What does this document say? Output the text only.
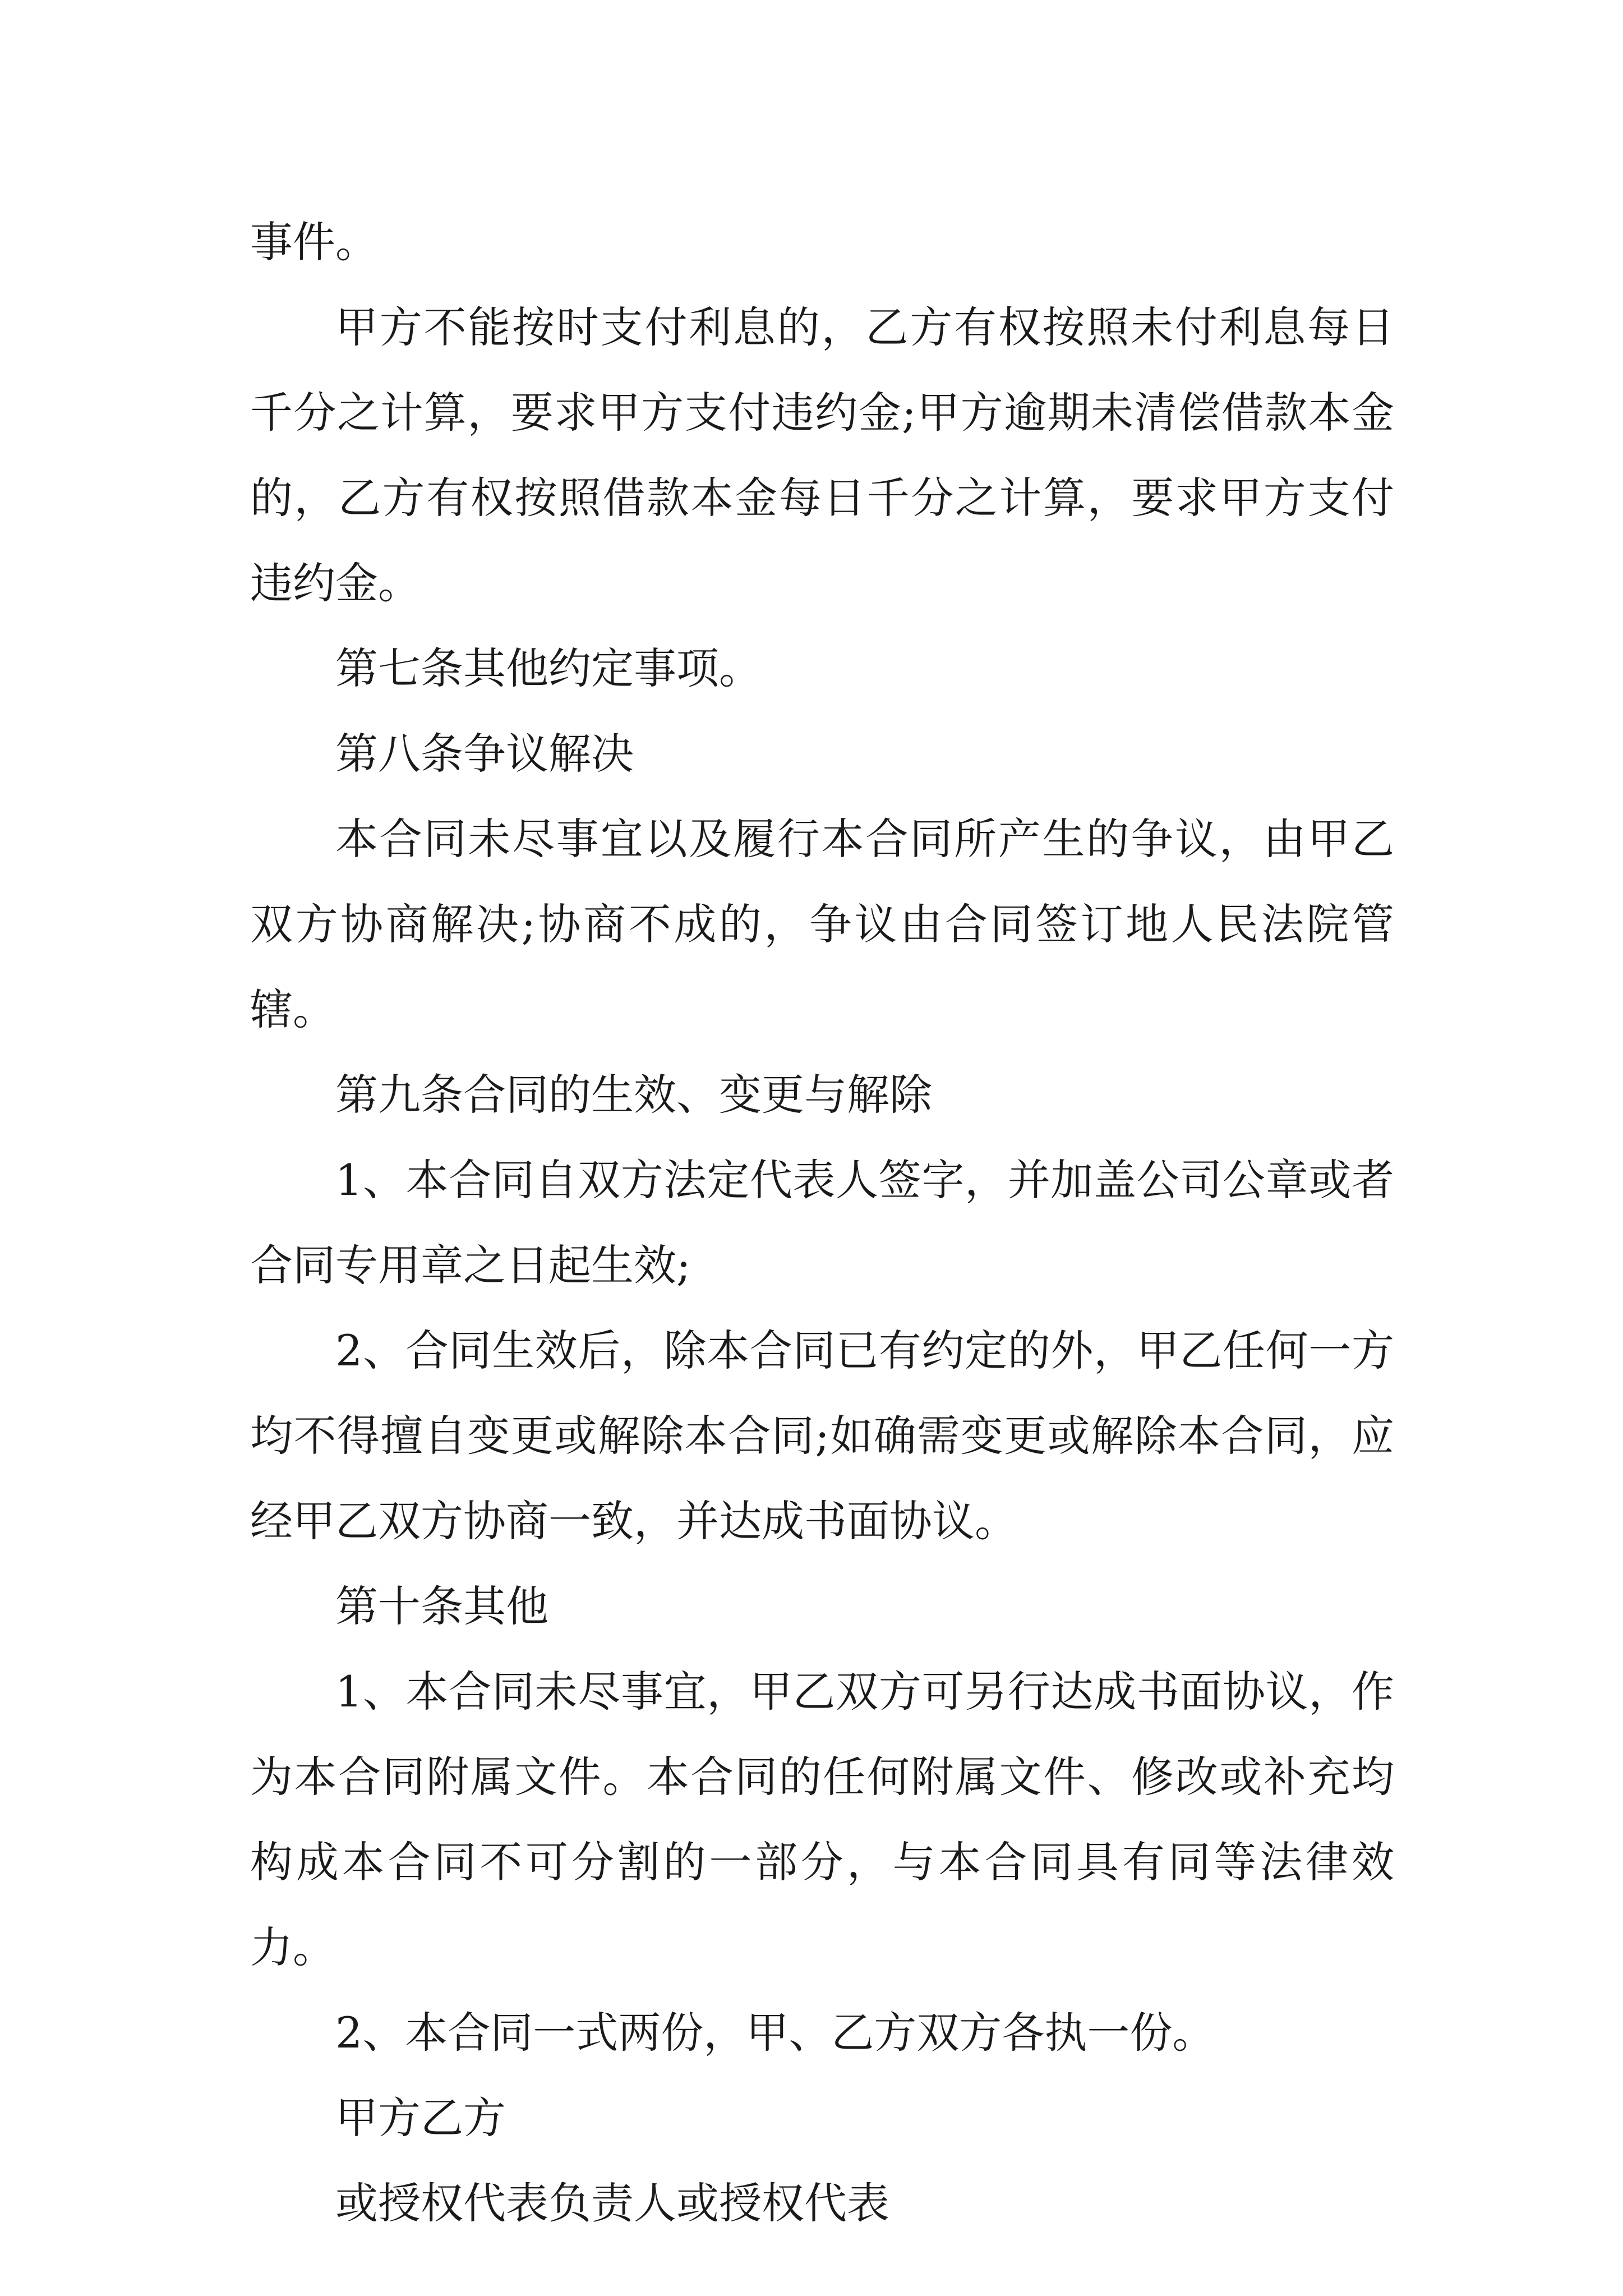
事件。

甲方不能按时支付利息的，乙方有权按照未付利息每日千分之计算，要求甲方支付违约金;甲方逾期未清偿借款本金的，乙方有权按照借款本金每日千分之计算，要求甲方支付违约金。

第七条其他约定事项。

第八条争议解决

本合同未尽事宜以及履行本合同所产生的争议，由甲乙双方协商解决;协商不成的，争议由合同签订地人民法院管辖。

第九条合同的生效、变更与解除

1、本合同自双方法定代表人签字，并加盖公司公章或者合同专用章之日起生效;

2、合同生效后，除本合同已有约定的外，甲乙任何一方均不得擅自变更或解除本合同;如确需变更或解除本合同，应经甲乙双方协商一致，并达成书面协议。

第十条其他

1、本合同未尽事宜，甲乙双方可另行达成书面协议，作为本合同附属文件。本合同的任何附属文件、修改或补充均构成本合同不可分割的一部分，与本合同具有同等法律效力。

2、本合同一式两份，甲、乙方双方各执一份。

甲方乙方

或授权代表负责人或授权代表
